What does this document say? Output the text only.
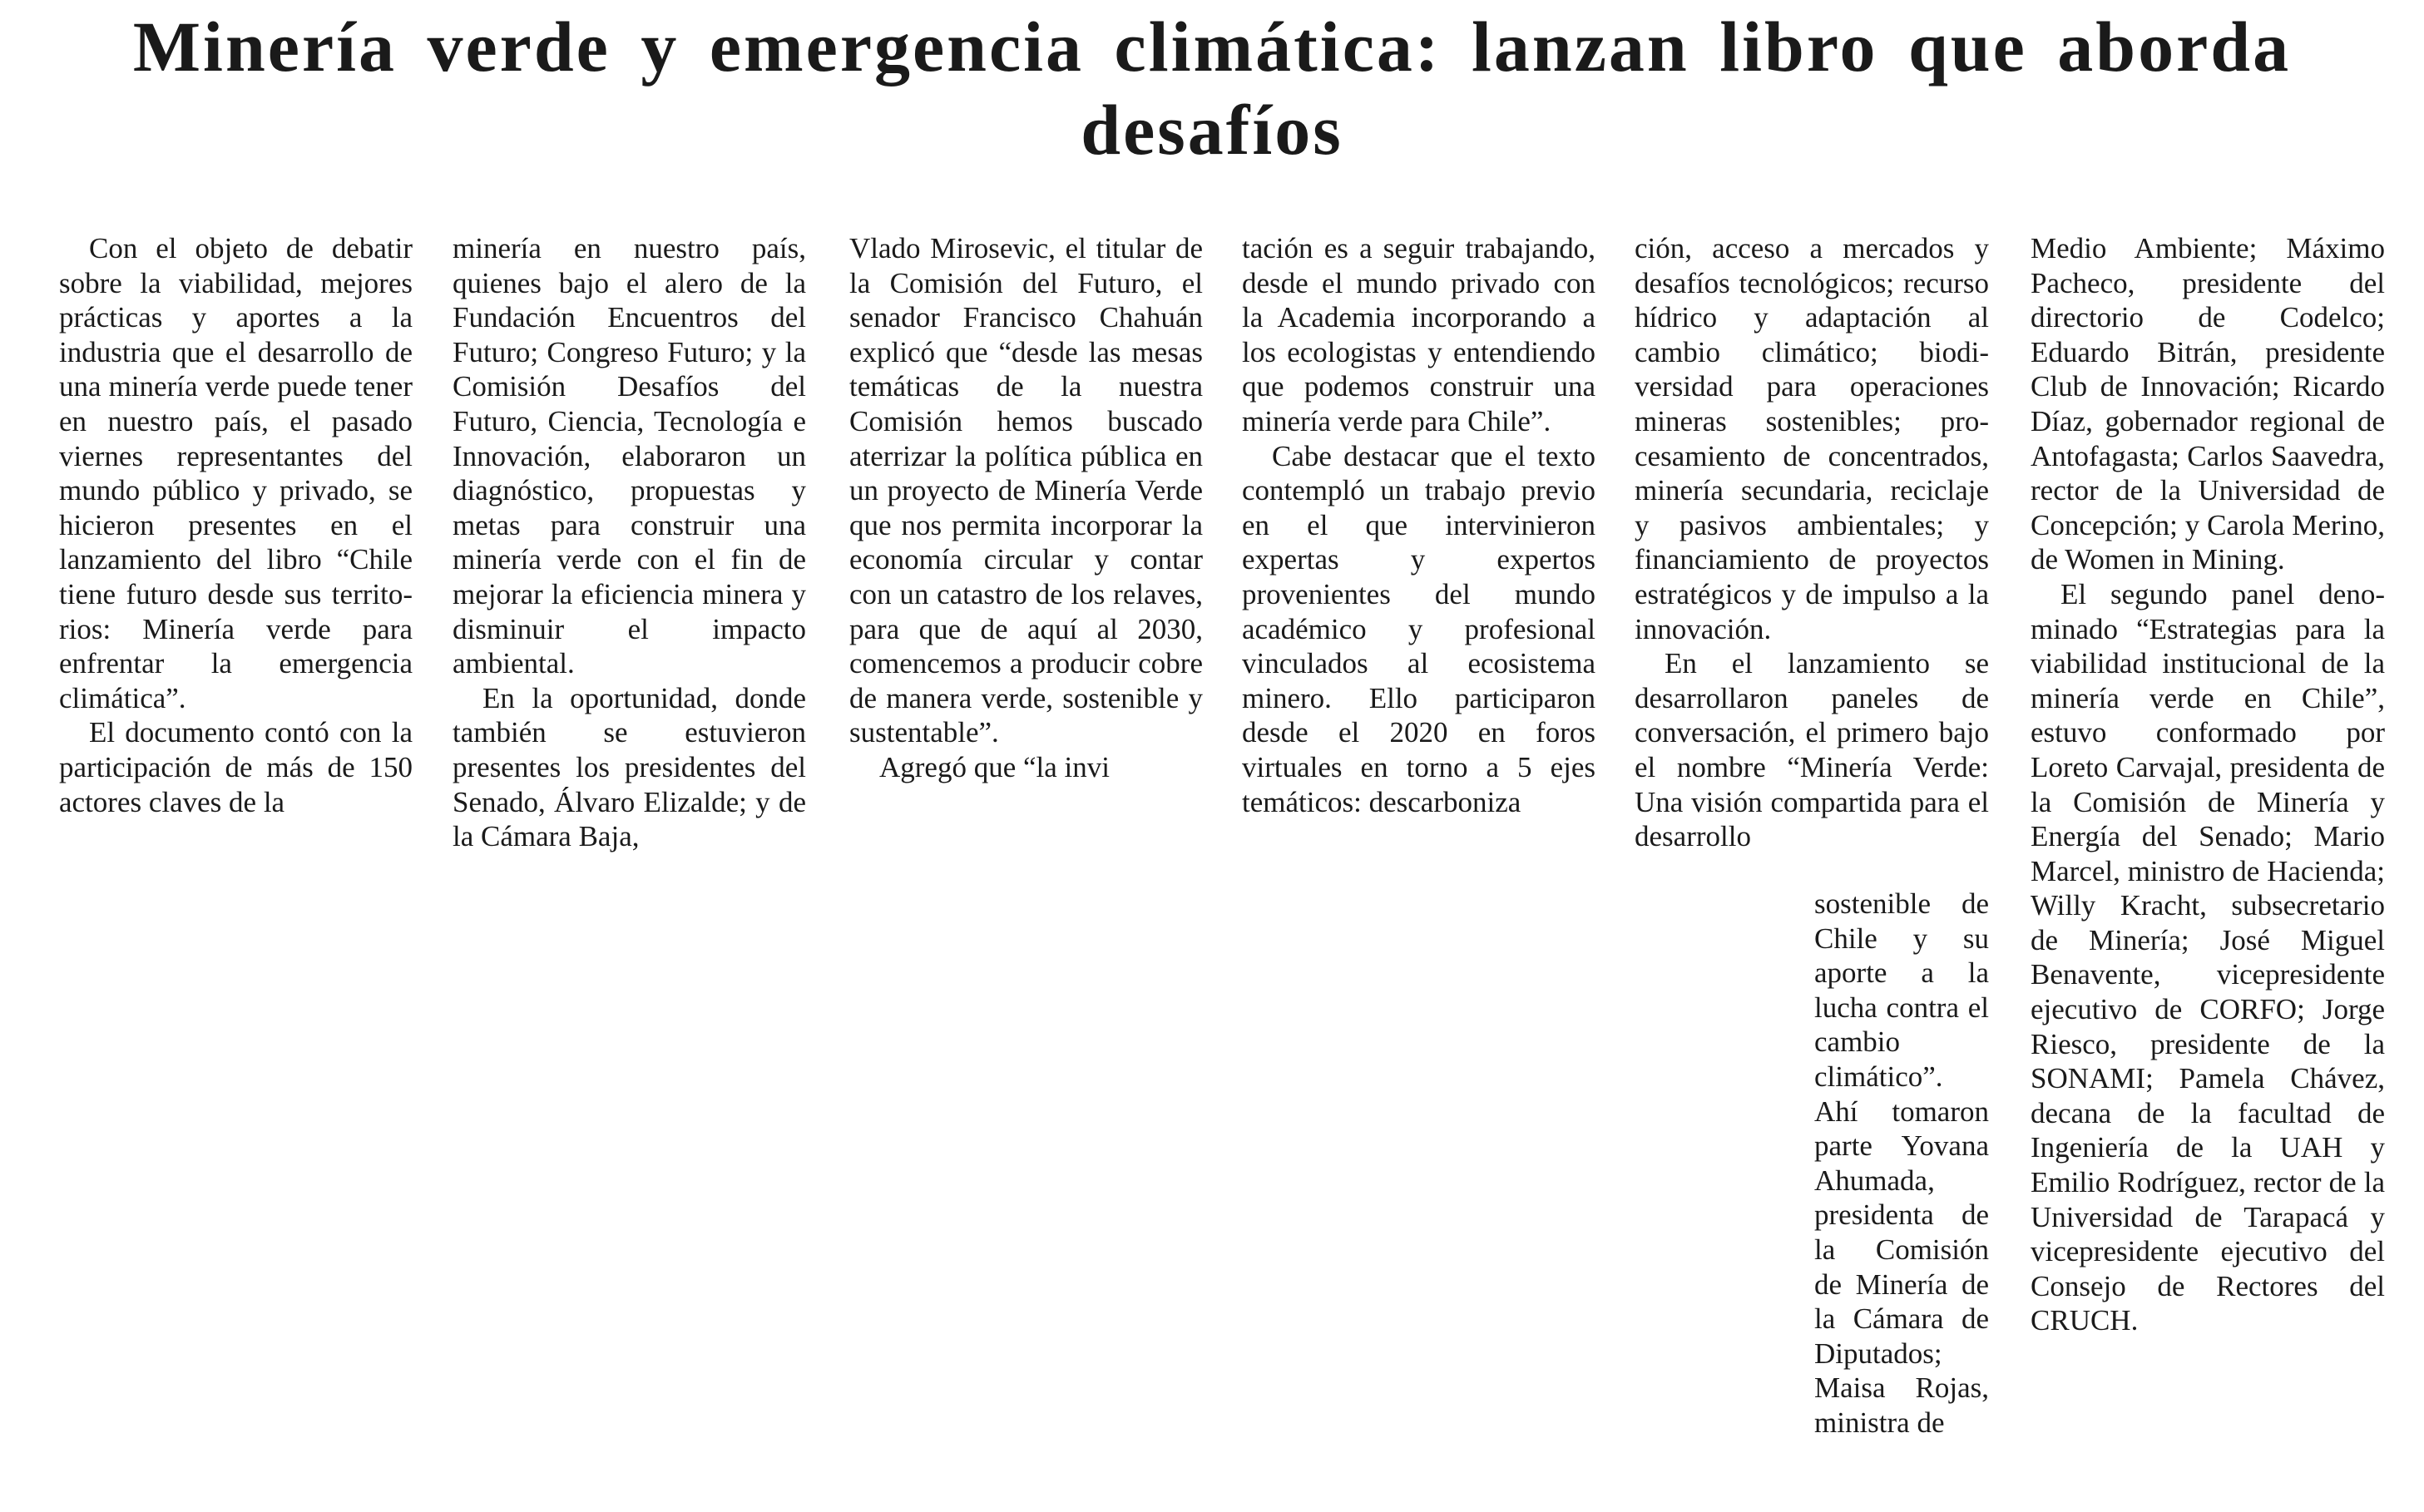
Minería verde y emergencia climática: lanzan libro que aborda desafíos

Con el objeto de debatir sobre la viabilidad, mejores prácticas y aportes a la industria que el desarrollo de una minería verde puede tener en nuestro país, el pasado viernes representantes del mundo público y privado, se hicieron presentes en el lanzamiento del libro “Chile tiene futuro desde sus territorios: Minería verde para enfrentar la emergencia climática”.

El documento contó con la participación de más de 150 actores claves de la

minería en nuestro país, quienes bajo el alero de la Fundación Encuentros del Futuro; Congreso Futuro; y la Comisión Desafíos del Futuro, Ciencia, Tecnología e Innovación, elaboraron un diagnóstico, propuestas y metas para construir una minería verde con el fin de mejorar la eficiencia minera y disminuir el impacto ambiental.

En la oportunidad, donde también se estuvieron presentes los presidentes del Senado, Álvaro Elizalde; y de la Cámara Baja,

Vlado Mirosevic, el titular de la Comisión del Futuro, el senador Francisco Chahuán explicó que “desde las mesas temáticas de la nuestra Comisión hemos buscado aterrizar la política pública en un proyecto de Minería Verde que nos permita incorporar la economía circular y contar con un catastro de los relaves, para que de aquí al 2030, comencemos a producir cobre de manera verde, sostenible y sustentable”.

Agregó que “la invi

tación es a seguir trabajando, desde el mundo privado con la Academia incorporando a los ecologistas y entendiendo que podemos construir una minería verde para Chile”.

Cabe destacar que el texto contempló un trabajo previo en el que intervinieron expertas y expertos provenientes del mundo académico y profesional vinculados al ecosistema minero. Ello participaron desde el 2020 en foros virtuales en torno a 5 ejes temáticos: descarboniza

ción, acceso a mercados y desafíos tecnológicos; recurso hídrico y adaptación al cambio climático; biodiversidad para operaciones mineras sostenibles; procesamiento de concentrados, minería secundaria, reciclaje y pasivos ambientales; y financiamiento de proyectos estratégicos y de impulso a la innovación.

En el lanzamiento se desarrollaron paneles de conversación, el primero bajo el nombre “Minería Verde: Una visión compartida para el desarrollo

sostenible de Chile y su aporte a la lucha contra el cambio climático”. Ahí tomaron parte Yovana Ahumada, presidenta de la Comisión de Minería de la Cámara de Diputados; Maisa Rojas, ministra de

Medio Ambiente; Máximo Pacheco, presidente del directorio de Codelco; Eduardo Bitrán, presidente Club de Innovación; Ricardo Díaz, gobernador regional de Antofagasta; Carlos Saavedra, rector de la Universidad de Concepción; y Carola Merino, de Women in Mining.

El segundo panel denominado “Estrategias para la viabilidad institucional de la minería verde en Chile”, estuvo conformado por Loreto Carvajal, presidenta de la Comisión de Minería y Energía del Senado; Mario Marcel, ministro de Hacienda; Willy Kracht, subsecretario de Minería; José Miguel Benavente, vicepresidente ejecutivo de CORFO; Jorge Riesco, presidente de la SONAMI; Pamela Chávez, decana de la facultad de Ingeniería de la UAH y Emilio Rodríguez, rector de la Universidad de Tarapacá y vicepresidente ejecutivo del Consejo de Rectores del CRUCH.
